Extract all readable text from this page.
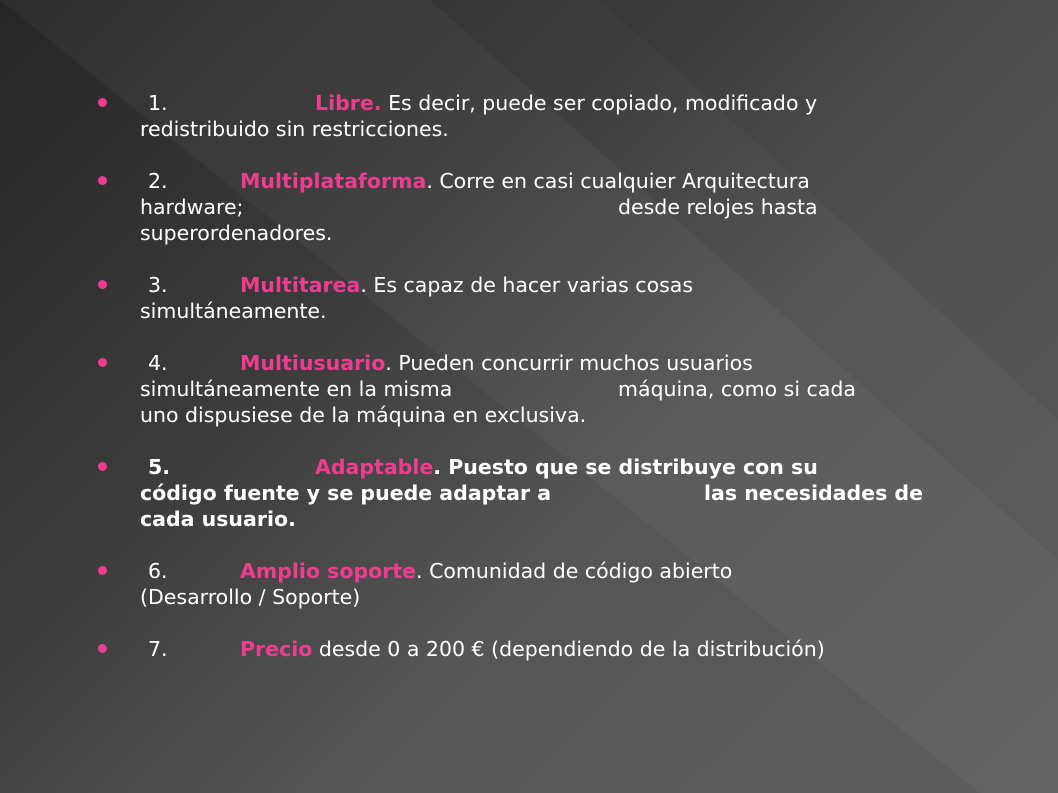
1.	Libre. Es decir, puede ser copiado, modificado y
redistribuido sin restricciones.
2.	Multiplataforma. Corre en casi cualquier Arquitectura
hardware;	desde relojes hasta
superordenadores.
3.	Multitarea. Es capaz de hacer varias cosas
simultáneamente.
4.	Multiusuario. Pueden concurrir muchos usuarios
simultáneamente en la misma	máquina, como si cada
uno dispusiese de la máquina en exclusiva.
5.	Adaptable. Puesto que se distribuye con su
código fuente y se puede adaptar a	las necesidades de
cada usuario.
6.	Amplio soporte. Comunidad de código abierto
(Desarrollo / Soporte)
7.	Precio desde 0 a 200 € (dependiendo de la distribución)
